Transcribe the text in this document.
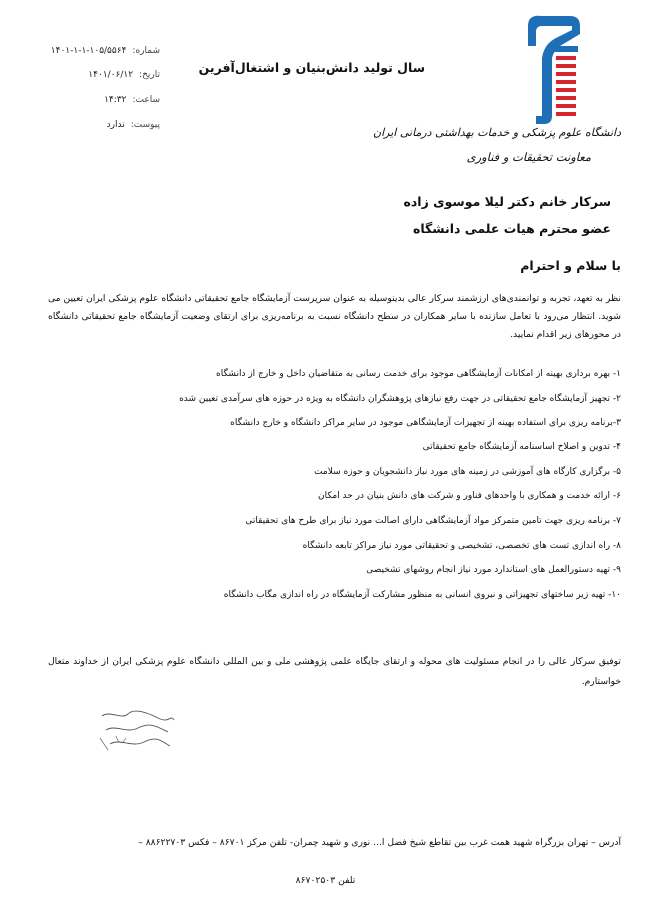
دانشگاه علوم پزشکی و خدمات بهداشتی درمانی ایران
معاونت تحقیقات و فناوری
سال تولید دانش‌بنیان و اشتغال‌آفرین
شماره:
۱۴۰۱-۱-۱-۱۰۵/۵۵۶۴
تاریخ:
۱۴۰۱/۰۶/۱۲
ساعت:
۱۴:۳۲
پیوست:
ندارد
سرکار خانم دکتر لیلا موسوی زاده
عضو محترم هیات علمی دانشگاه
با سلام و احترام
نظر به تعهد، تجربه و توانمندی‌های ارزشمند سرکار عالی بدینوسیله به عنوان سرپرست آزمایشگاه جامع تحقیقاتی دانشگاه علوم پزشکی ایران تعیین می شوید. انتظار می‌رود با تعامل سازنده با سایر همکاران در سطح دانشگاه نسبت به برنامه‌ریزی برای ارتقای وضعیت آزمایشگاه جامع تحقیقاتی دانشگاه در محورهای زیر اقدام نمایید.
۱- بهره برداری بهینه از امکانات آزمایشگاهی موجود برای خدمت رسانی به متقاضیان داخل و خارج از دانشگاه
۲- تجهیز آزمایشگاه جامع تحقیقاتی در جهت رفع نیازهای پژوهشگران دانشگاه به ویژه در حوزه های سرآمدی تعیین شده
۳-برنامه ریزی برای استفاده بهینه از تجهیزات آزمایشگاهی موجود در سایر مراکز دانشگاه و خارج دانشگاه
۴- تدوین و اصلاح اساسنامه آزمایشگاه جامع تحقیقاتی
۵- برگزاری کارگاه های آموزشی در زمینه های مورد نیاز دانشجویان و حوزه سلامت
۶- ارائه خدمت و همکاری با واحدهای فناور و شرکت های دانش بنیان در حد امکان
۷- برنامه ریزی جهت تامین متمرکز مواد آزمایشگاهی دارای اصالت مورد نیاز برای طرح های تحقیقاتی
۸- راه اندازی تست های تخصصی، تشخیصی و تحقیقاتی مورد نیاز مراکز تابعه دانشگاه
۹- تهیه دستورالعمل های استاندارد مورد نیاز انجام روشهای تشخیصی
۱۰- تهیه زیر ساختهای تجهیزاتی و نیروی انسانی به منظور مشارکت آزمایشگاه در راه اندازی مگاب دانشگاه
توفیق سرکار عالی را در انجام مسئولیت های محوله و ارتقای جایگاه علمی پژوهشی ملی و بین المللی دانشگاه علوم پزشکی ایران از خداوند متعال خواستارم.
آدرس – تهران بزرگراه شهید همت غرب بین تقاطع شیخ فضل ا... نوری و شهید چمران- تلفن مرکز ۸۶۷۰۱ – فکس ۸۸۶۲۲۷۰۳ –
تلفن ۸۶۷۰۲۵۰۳
